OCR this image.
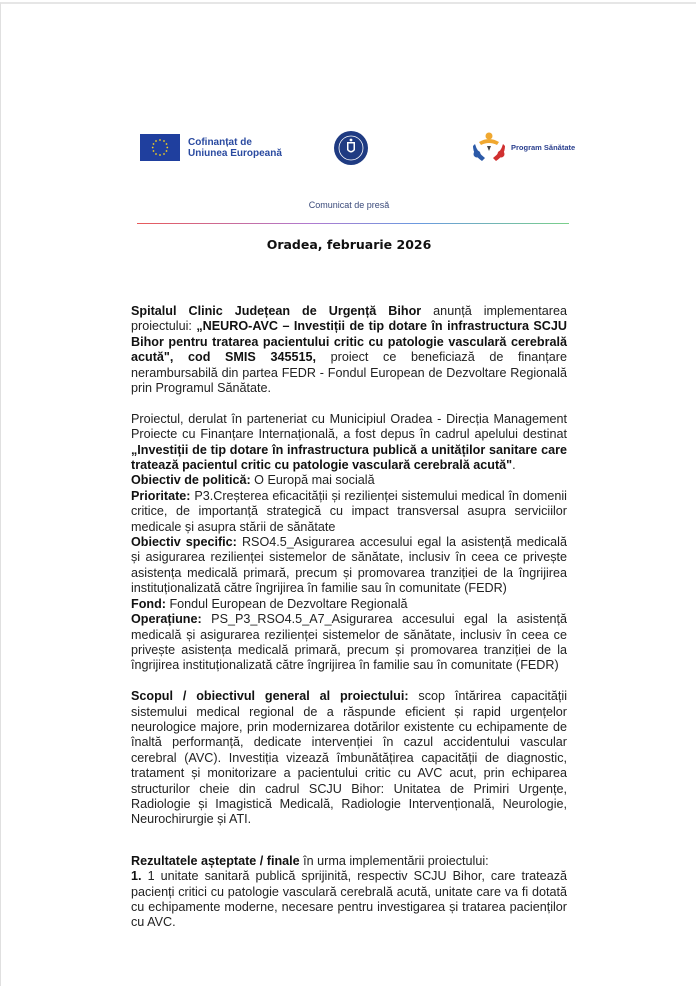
Cofinanțat de
Uniunea Europeană
Program Sănătate
Comunicat de presă
Oradea, februarie 2026

Spitalul Clinic Județean de Urgență Bihor anunță implementarea proiectului: „NEURO-AVC – Investiții de tip dotare în infrastructura SCJU Bihor pentru tratarea pacientului critic cu patologie vasculară cerebrală acută", cod SMIS 345515, proiect ce beneficiază de finanțare nerambursabilă din partea FEDR - Fondul European de Dezvoltare Regională prin Programul Sănătate.

Proiectul, derulat în parteneriat cu Municipiul Oradea - Direcția Management Proiecte cu Finanțare Internațională, a fost depus în cadrul apelului destinat „Investiții de tip dotare în infrastructura publică a unităților sanitare care tratează pacientul critic cu patologie vasculară cerebrală acută".

Obiectiv de politică: O Europă mai socială

Prioritate: P3.Creșterea eficacității și rezilienței sistemului medical în domenii critice, de importanță strategică cu impact transversal asupra serviciilor medicale și asupra stării de sănătate

Obiectiv specific: RSO4.5_Asigurarea accesului egal la asistență medicală și asigurarea rezilienței sistemelor de sănătate, inclusiv în ceea ce privește asistența medicală primară, precum și promovarea tranziției de la îngrijirea instituționalizată către îngrijirea în familie sau în comunitate (FEDR)

Fond: Fondul European de Dezvoltare Regională

Operațiune: PS_P3_RSO4.5_A7_Asigurarea accesului egal la asistență medicală și asigurarea rezilienței sistemelor de sănătate, inclusiv în ceea ce privește asistența medicală primară, precum și promovarea tranziției de la îngrijirea instituționalizată către îngrijirea în familie sau în comunitate (FEDR)

Scopul / obiectivul general al proiectului: scop întărirea capacității sistemului medical regional de a răspunde eficient și rapid urgențelor neurologice majore, prin modernizarea dotărilor existente cu echipamente de înaltă performanță, dedicate intervenției în cazul accidentului vascular cerebral (AVC). Investiția vizează îmbunătățirea capacității de diagnostic, tratament și monitorizare a pacientului critic cu AVC acut, prin echiparea structurilor cheie din cadrul SCJU Bihor: Unitatea de Primiri Urgențe, Radiologie și Imagistică Medicală, Radiologie Intervențională, Neurologie, Neurochirurgie și ATI.

Rezultatele așteptate / finale în urma implementării proiectului:

1. 1 unitate sanitară publică sprijinită, respectiv SCJU Bihor, care tratează pacienți critici cu patologie vasculară cerebrală acută, unitate care va fi dotată cu echipamente moderne, necesare pentru investigarea și tratarea pacienților cu AVC.
